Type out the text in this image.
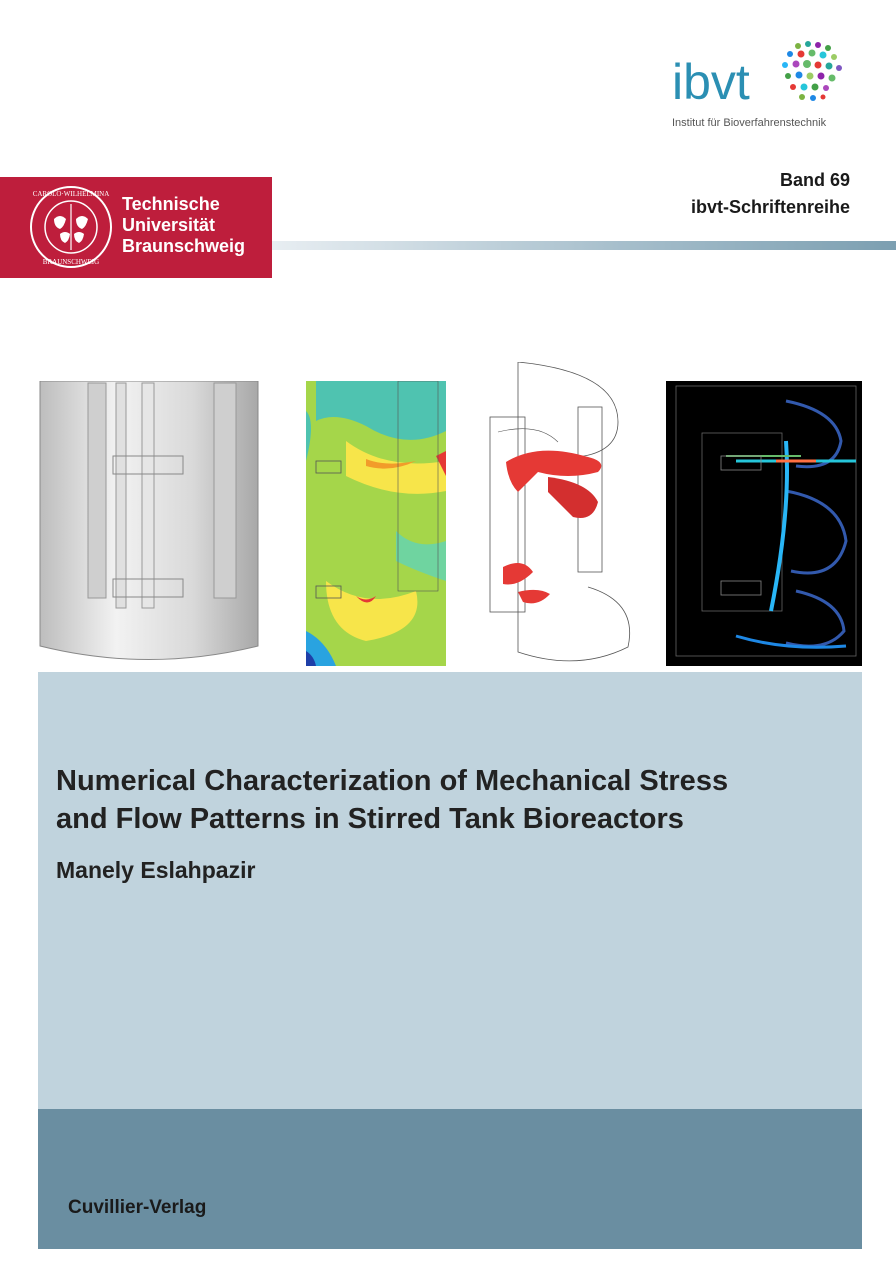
ibvt
Institut für Bioverfahrenstechnik
Band 69
ibvt-Schriftenreihe
CAROLO·WILHELMINA
BRAUNSCHWEIG
Technische
Universität
Braunschweig
Numerical Characterization of Mechanical Stress
and Flow Patterns in Stirred Tank Bioreactors
Manely Eslahpazir
Cuvillier-Verlag
